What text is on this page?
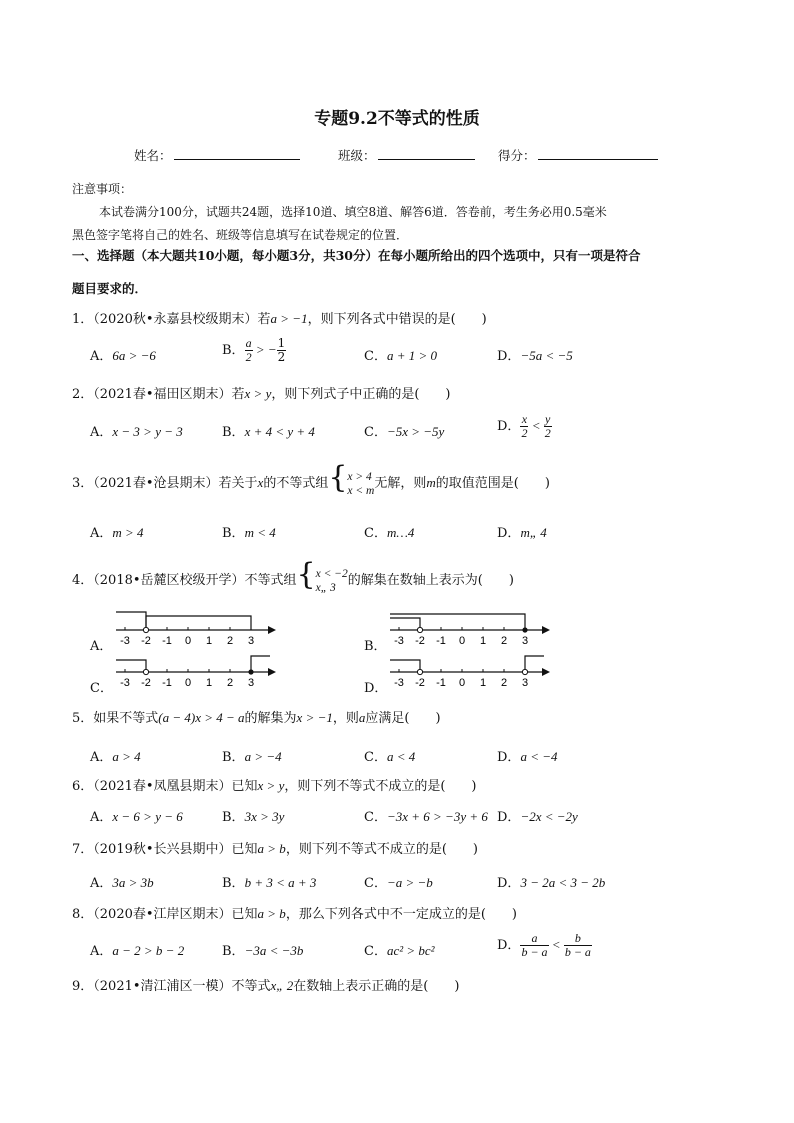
专题9.2不等式的性质
姓名：	班级：	得分：
注意事项：
本试卷满分100分，试题共24题，选择10道、填空8道、解答6道．答卷前，考生务必用0.5毫米
黑色签字笔将自己的姓名、班级等信息填写在试卷规定的位置．
一、选择题（本大题共10小题，每小题3分，共30分）在每小题所给出的四个选项中，只有一项是符合
题目要求的．
1．（2020秋•永嘉县校级期末）若a > −1，则下列各式中错误的是(　　)
A．6a > −6	B． $\frac{a}{2}$ > − $\frac{1}{2}$	C．a + 1 > 0	D．−5a < −5
2．（2021春•福田区期末）若x > y，则下列式子中正确的是(　　)
A．x − 3 > y − 3	B．x + 4 < y + 4	C．−5x > −5y	D． $\frac{x}{2} < \frac{y}{2}$
3．（2021春•沧县期末）若关于x的不等式组{ x > 4
x < m 无解，则m的取值范围是(　　)
A．m > 4	B．m < 4	C．m…4	D．m„ 4
4．（2018•岳麓区校级开学）不等式组{ x < −2
x„ 3 的解集在数轴上表示为(　　)
A．	B．
C．	D．
-3 -2 -1 0 1 2 3	-3 -2 -1 0 1 2 3
-3 -2 -1 0 1 2 3	-3 -2 -1 0 1 2 3
5．如果不等式(a − 4)x > 4 − a的解集为x > −1，则a应满足(　　)
A．a > 4	B．a > −4	C．a < 4	D．a < −4
6．（2021春•凤凰县期末）已知x > y，则下列不等式不成立的是(　　)
A．x − 6 > y − 6	B．3x > 3y	C．−3x + 6 > −3y + 6 D．−2x < −2y
7．（2019秋•长兴县期中）已知a > b，则下列不等式不成立的是(　　)
A．3a > 3b	B．b + 3 < a + 3	C．−a > −b	D．3 − 2a < 3 − 2b
8．（2020春•江岸区期末）已知a > b，那么下列各式中不一定成立的是(　　)
A．a − 2 > b − 2	B．−3a < −3b	C．ac² > bc²	D． $\frac{a}{b - a} < \frac{b}{b - a}$
9．（2021•清江浦区一模）不等式x„ 2在数轴上表示正确的是(　　)
